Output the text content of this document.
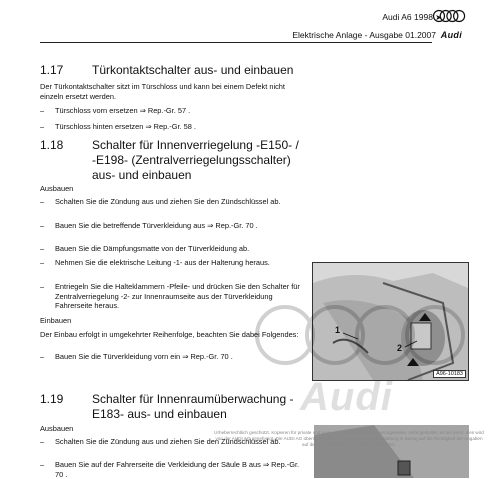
Audi A6 1998 ➤
Elektrische Anlage - Ausgabe 01.2007 Audi
1.17 Türkontaktschalter aus- und einbauen
Der Türkontaktschalter sitzt im Türschloss und kann bei einem Defekt nicht einzeln ersetzt werden.
– Türschloss vorn ersetzen ⇒ Rep.-Gr. 57 .
– Türschloss hinten ersetzen ⇒ Rep.-Gr. 58 .
1.18 Schalter für Innenverriegelung -E150- / -E198- (Zentralverriegelungsschalter) aus- und einbauen
Ausbauen
– Schalten Sie die Zündung aus und ziehen Sie den Zündschlüssel ab.
– Bauen Sie die betreffende Türverkleidung aus ⇒ Rep.-Gr. 70 .
– Bauen Sie die Dämpfungsmatte von der Türverkleidung ab.
– Nehmen Sie die elektrische Leitung -1- aus der Halterung heraus.
– Entriegeln Sie die Halteklammern -Pfeile- und drücken Sie den Schalter für Zentralverriegelung -2- zur Innenraumseite aus der Türverkleidung Fahrerseite heraus.
Einbauen
Der Einbau erfolgt in umgekehrter Reihenfolge, beachten Sie dabei Folgendes:
– Bauen Sie die Türverkleidung vorn ein ⇒ Rep.-Gr. 70 .
1
2
A96-10183
1.19 Schalter für Innenraumüberwachung -E183- aus- und einbauen
Ausbauen
– Schalten Sie die Zündung aus und ziehen Sie den Zündschlüssel ab.
– Bauen Sie auf der Fahrerseite die Verkleidung der Säule B aus ⇒ Rep.-Gr. 70 .
Audi
Urheberrechtlich geschützt. Kopieren für private und gewerbliche Zwecke, auch auszugsweise, nicht gestattet, es sei denn, dies wird von der AUDI AG genehmigt. Die AUDI AG übernimmt keine Gewährleistung oder Haftung in Bezug auf die Richtigkeit der Angaben auf diesem Dokument. Copyright by AUDI AG.
